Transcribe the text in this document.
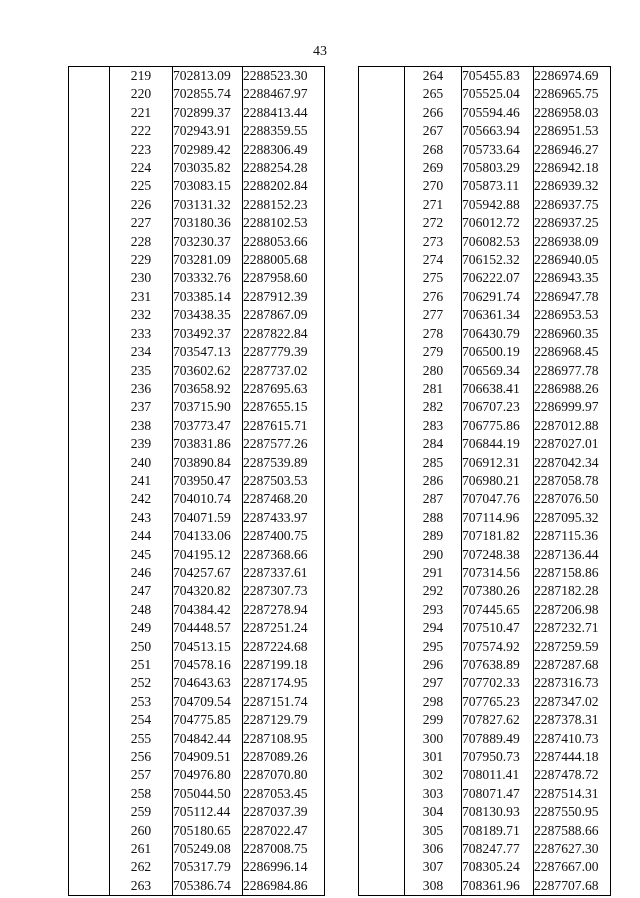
43
	219	702813.09	2288523.30
	220	702855.74	2288467.97
	221	702899.37	2288413.44
	222	702943.91	2288359.55
	223	702989.42	2288306.49
	224	703035.82	2288254.28
	225	703083.15	2288202.84
	226	703131.32	2288152.23
	227	703180.36	2288102.53
	228	703230.37	2288053.66
	229	703281.09	2288005.68
	230	703332.76	2287958.60
	231	703385.14	2287912.39
	232	703438.35	2287867.09
	233	703492.37	2287822.84
	234	703547.13	2287779.39
	235	703602.62	2287737.02
	236	703658.92	2287695.63
	237	703715.90	2287655.15
	238	703773.47	2287615.71
	239	703831.86	2287577.26
	240	703890.84	2287539.89
	241	703950.47	2287503.53
	242	704010.74	2287468.20
	243	704071.59	2287433.97
	244	704133.06	2287400.75
	245	704195.12	2287368.66
	246	704257.67	2287337.61
	247	704320.82	2287307.73
	248	704384.42	2287278.94
	249	704448.57	2287251.24
	250	704513.15	2287224.68
	251	704578.16	2287199.18
	252	704643.63	2287174.95
	253	704709.54	2287151.74
	254	704775.85	2287129.79
	255	704842.44	2287108.95
	256	704909.51	2287089.26
	257	704976.80	2287070.80
	258	705044.50	2287053.45
	259	705112.44	2287037.39
	260	705180.65	2287022.47
	261	705249.08	2287008.75
	262	705317.79	2286996.14
	263	705386.74	2286984.86
	264	705455.83	2286974.69
	265	705525.04	2286965.75
	266	705594.46	2286958.03
	267	705663.94	2286951.53
	268	705733.64	2286946.27
	269	705803.29	2286942.18
	270	705873.11	2286939.32
	271	705942.88	2286937.75
	272	706012.72	2286937.25
	273	706082.53	2286938.09
	274	706152.32	2286940.05
	275	706222.07	2286943.35
	276	706291.74	2286947.78
	277	706361.34	2286953.53
	278	706430.79	2286960.35
	279	706500.19	2286968.45
	280	706569.34	2286977.78
	281	706638.41	2286988.26
	282	706707.23	2286999.97
	283	706775.86	2287012.88
	284	706844.19	2287027.01
	285	706912.31	2287042.34
	286	706980.21	2287058.78
	287	707047.76	2287076.50
	288	707114.96	2287095.32
	289	707181.82	2287115.36
	290	707248.38	2287136.44
	291	707314.56	2287158.86
	292	707380.26	2287182.28
	293	707445.65	2287206.98
	294	707510.47	2287232.71
	295	707574.92	2287259.59
	296	707638.89	2287287.68
	297	707702.33	2287316.73
	298	707765.23	2287347.02
	299	707827.62	2287378.31
	300	707889.49	2287410.73
	301	707950.73	2287444.18
	302	708011.41	2287478.72
	303	708071.47	2287514.31
	304	708130.93	2287550.95
	305	708189.71	2287588.66
	306	708247.77	2287627.30
	307	708305.24	2287667.00
	308	708361.96	2287707.68
